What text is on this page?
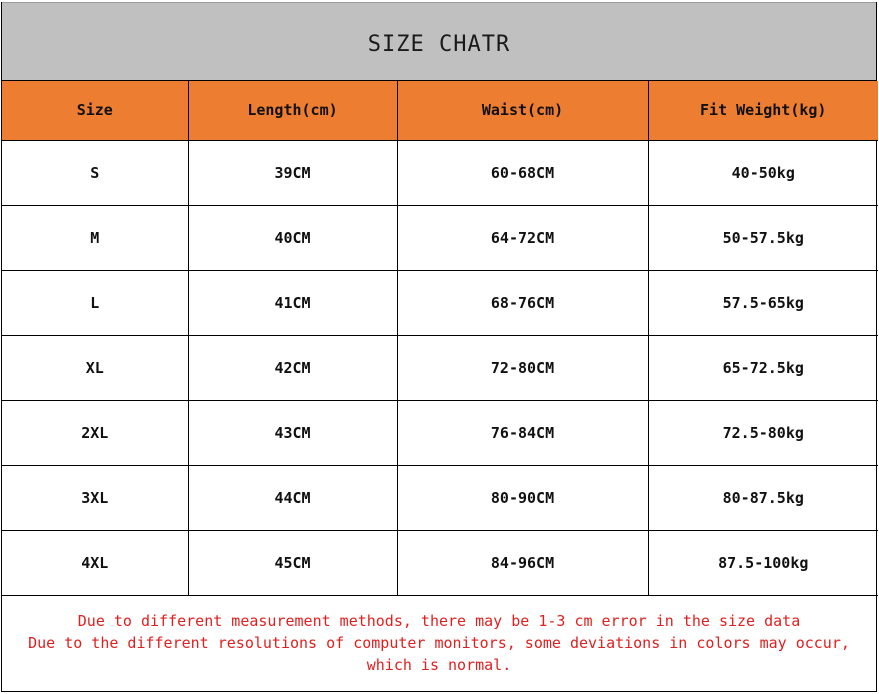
SIZE CHATR
Size	Length(cm)	Waist(cm)	Fit Weight(kg)
S	39CM	60-68CM	40-50kg
M	40CM	64-72CM	50-57.5kg
L	41CM	68-76CM	57.5-65kg
XL	42CM	72-80CM	65-72.5kg
2XL	43CM	76-84CM	72.5-80kg
3XL	44CM	80-90CM	80-87.5kg
4XL	45CM	84-96CM	87.5-100kg
Due to different measurement methods, there may be 1-3 cm error in the size data
Due to the different resolutions of computer monitors, some deviations in colors may occur,
which is normal.
